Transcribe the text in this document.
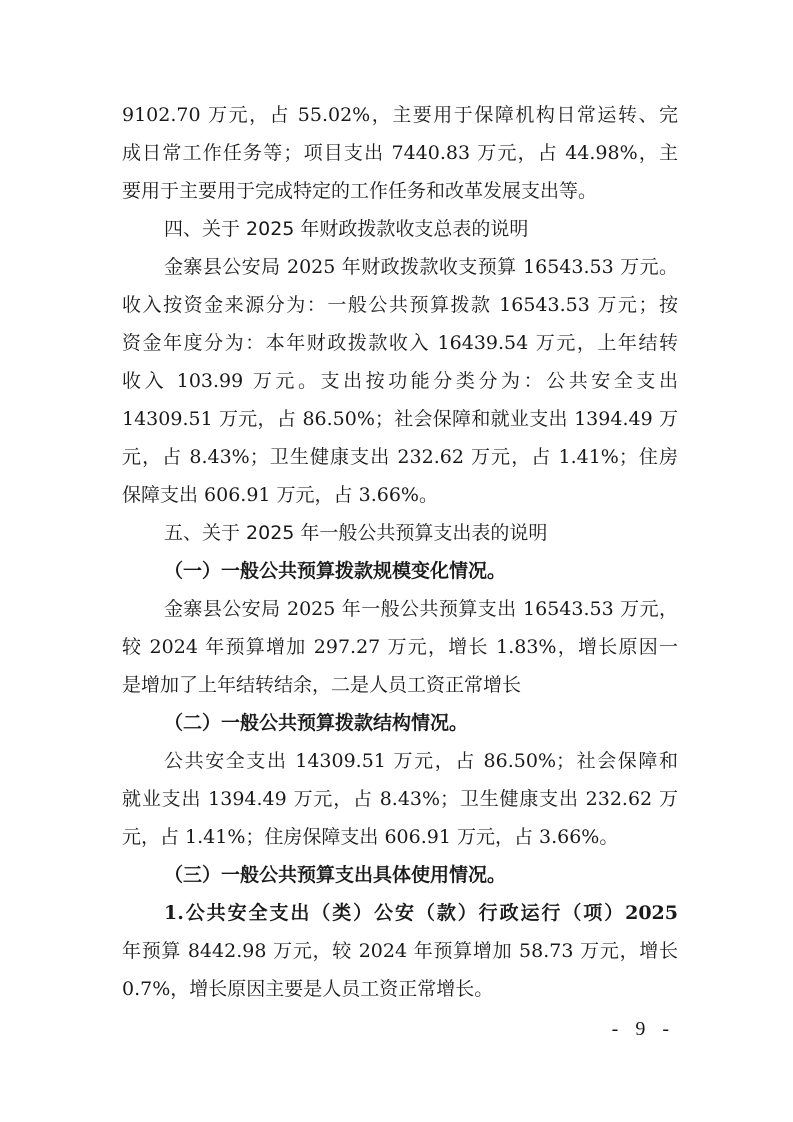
9102.70 万元，占 55.02%，主要用于保障机构日常运转、完
成日常工作任务等；项目支出 7440.83 万元，占 44.98%，主
要用于主要用于完成特定的工作任务和改革发展支出等。
四、关于 2025 年财政拨款收支总表的说明
金寨县公安局 2025 年财政拨款收支预算 16543.53 万元。
收入按资金来源分为：一般公共预算拨款 16543.53 万元；按
资金年度分为：本年财政拨款收入 16439.54 万元，上年结转
收入 103.99 万元。支出按功能分类分为：公共安全支出
14309.51 万元，占 86.50%；社会保障和就业支出 1394.49 万
元，占 8.43%；卫生健康支出 232.62 万元，占 1.41%；住房
保障支出 606.91 万元，占 3.66%。
五、关于 2025 年一般公共预算支出表的说明
（一）一般公共预算拨款规模变化情况。
金寨县公安局 2025 年一般公共预算支出 16543.53 万元，
较 2024 年预算增加 297.27 万元，增长 1.83%，增长原因一
是增加了上年结转结余，二是人员工资正常增长
（二）一般公共预算拨款结构情况。
公共安全支出 14309.51 万元，占 86.50%；社会保障和
就业支出 1394.49 万元，占 8.43%；卫生健康支出 232.62 万
元，占 1.41%；住房保障支出 606.91 万元，占 3.66%。
（三）一般公共预算支出具体使用情况。
1.公共安全支出（类）公安（款）行政运行（项）2025
年预算 8442.98 万元，较 2024 年预算增加 58.73 万元，增长
0.7%，增长原因主要是人员工资正常增长。
- 9 -
